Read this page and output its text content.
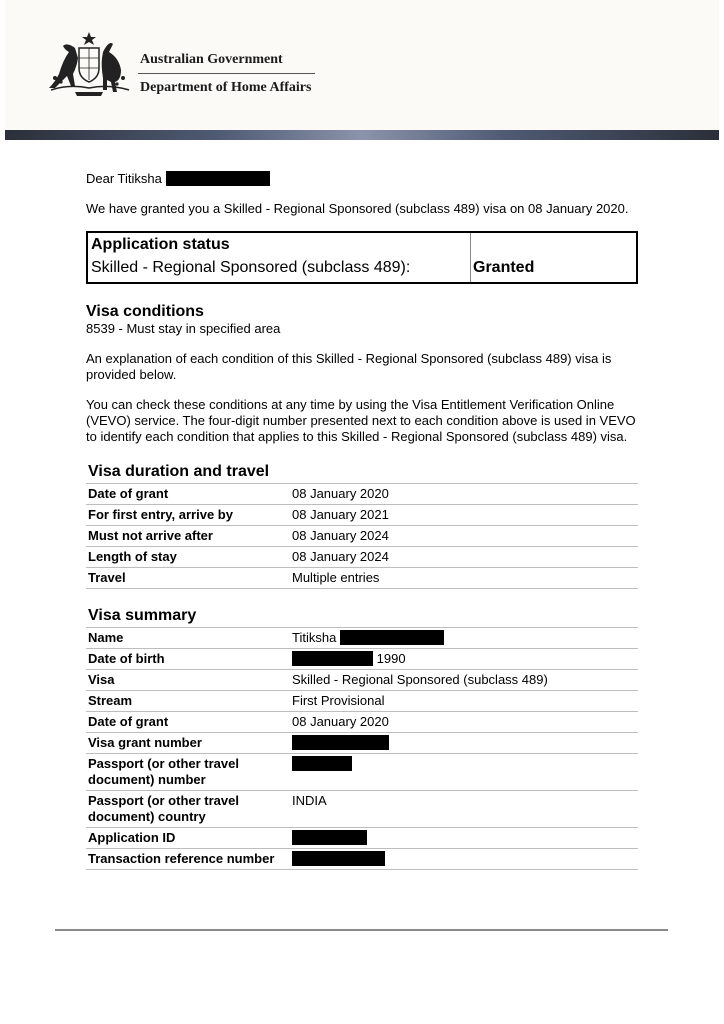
Australian Government
Department of Home Affairs
Dear Titiksha
We have granted you a Skilled - Regional Sponsored (subclass 489) visa on 08 January 2020.
Application status
Skilled - Regional Sponsored (subclass 489):	Granted
Visa conditions
8539 - Must stay in specified area
An explanation of each condition of this Skilled - Regional Sponsored (subclass 489) visa is provided below.
You can check these conditions at any time by using the Visa Entitlement Verification Online (VEVO) service. The four-digit number presented next to each condition above is used in VEVO to identify each condition that applies to this Skilled - Regional Sponsored (subclass 489) visa.
Visa duration and travel
Date of grant	08 January 2020
For first entry, arrive by	08 January 2021
Must not arrive after	08 January 2024
Length of stay	08 January 2024
Travel	Multiple entries
Visa summary
Name	Titiksha
Date of birth	1990
Visa	Skilled - Regional Sponsored (subclass 489)
Stream	First Provisional
Date of grant	08 January 2020
Visa grant number	
Passport (or other travel document) number	
Passport (or other travel document) country	INDIA
Application ID	
Transaction reference number	
